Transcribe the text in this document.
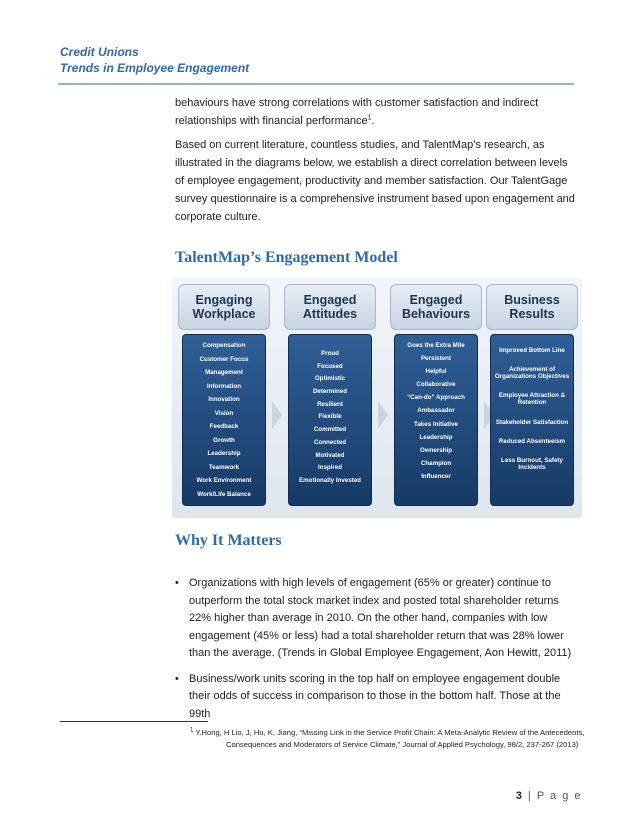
Credit Unions
Trends in Employee Engagement
behaviours have strong correlations with customer satisfaction and indirect relationships with financial performance$^1$.
Based on current literature, countless studies, and TalentMap’s research, as illustrated in the diagrams below, we establish a direct correlation between levels of employee engagement, productivity and member satisfaction. Our TalentGage survey questionnaire is a comprehensive instrument based upon engagement and corporate culture.
TalentMap’s Engagement Model
Engaging Workplace
Compensation
Customer Focus
Management
Information
Innovation
Vision
Feedback
Growth
Leadership
Teamwork
Work Environment
Work/Life Balance
Engaged Attitudes
Proud
Focused
Optimistic
Determined
Resilient
Flexible
Committed
Connected
Motivated
Inspired
Emotionally Invested
Engaged Behaviours
Goes the Extra Mile
Persistent
Helpful
Collaborative
“Can-do” Approach
Ambassador
Takes Initiative
Leadership
Ownership
Champion
Influencer
Business Results
Improved Bottom Line
Achievement of Organizations Objectives
Employee Attraction & Retention
Stakeholder Satisfaction
Reduced Absenteeism
Less Burnout, Safety Incidents
Why It Matters
• Organizations with high levels of engagement (65% or greater) continue to outperform the total stock market index and posted total shareholder returns 22% higher than average in 2010. On the other hand, companies with low engagement (45% or less) had a total shareholder return that was 28% lower than the average. (Trends in Global Employee Engagement, Aon Hewitt, 2011)
• Business/work units scoring in the top half on employee engagement double their odds of success in comparison to those in the bottom half. Those at the 99th
$^1$ Y.Hong, H Lio, J, Hu, K, Jiang, “Missing Link in the Service Profit Chain: A Meta-Analytic Review of the Antecedents,
Consequences and Moderators of Service Climate,” Journal of Applied Psychology, 98/2, 237-267 (2013)
3 | P a g e
